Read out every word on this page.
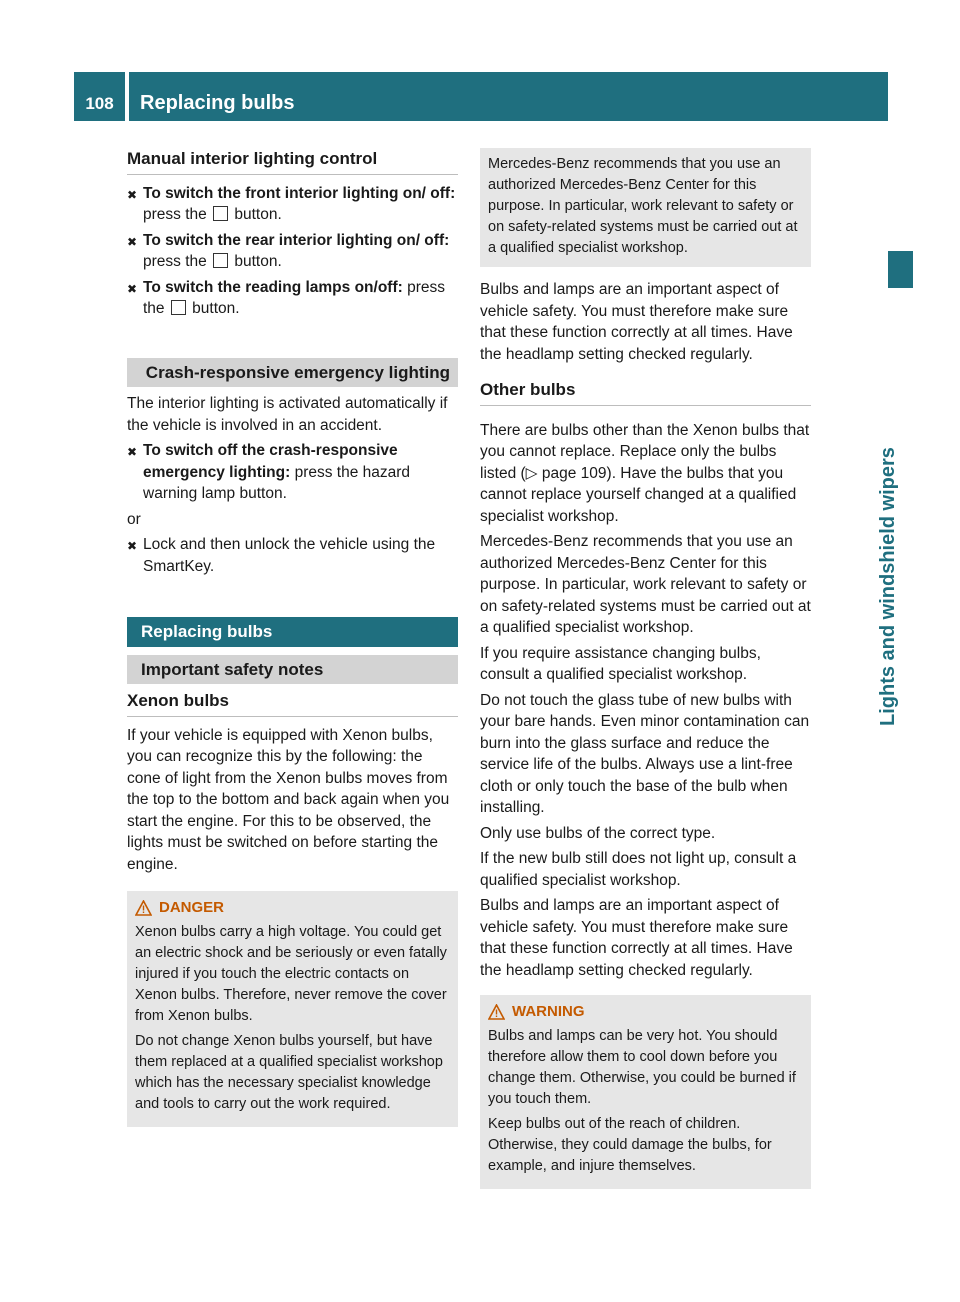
108	Replacing bulbs
Lights and windshield wipers
Manual interior lighting control
✖ To switch the front interior lighting on/ off: press the  button.
✖ To switch the rear interior lighting on/ off: press the  button.
✖ To switch the reading lamps on/off: press the  button.
Crash-responsive emergency lighting

The interior lighting is activated automatically if the vehicle is involved in an accident.

✖ To switch off the crash-responsive emergency lighting: press the hazard warning lamp button.

or

✖ Lock and then unlock the vehicle using the SmartKey.
Replacing bulbs
Important safety notes
Xenon bulbs

If your vehicle is equipped with Xenon bulbs, you can recognize this by the following: the cone of light from the Xenon bulbs moves from the top to the bottom and back again when you start the engine. For this to be observed, the lights must be switched on before starting the engine.

DANGER

Xenon bulbs carry a high voltage. You could get an electric shock and be seriously or even fatally injured if you touch the electric contacts on Xenon bulbs. Therefore, never remove the cover from Xenon bulbs.

Do not change Xenon bulbs yourself, but have them replaced at a qualified specialist workshop which has the necessary specialist knowledge and tools to carry out the work required.

Mercedes-Benz recommends that you use an authorized Mercedes-Benz Center for this purpose. In particular, work relevant to safety or on safety-related systems must be carried out at a qualified specialist workshop.

Bulbs and lamps are an important aspect of vehicle safety. You must therefore make sure that these function correctly at all times. Have the headlamp setting checked regularly.

Other bulbs

There are bulbs other than the Xenon bulbs that you cannot replace. Replace only the bulbs listed (▷ page 109). Have the bulbs that you cannot replace yourself changed at a qualified specialist workshop.

Mercedes-Benz recommends that you use an authorized Mercedes-Benz Center for this purpose. In particular, work relevant to safety or on safety-related systems must be carried out at a qualified specialist workshop.

If you require assistance changing bulbs, consult a qualified specialist workshop.

Do not touch the glass tube of new bulbs with your bare hands. Even minor contamination can burn into the glass surface and reduce the service life of the bulbs. Always use a lint-free cloth or only touch the base of the bulb when installing.

Only use bulbs of the correct type.

If the new bulb still does not light up, consult a qualified specialist workshop.

Bulbs and lamps are an important aspect of vehicle safety. You must therefore make sure that these function correctly at all times. Have the headlamp setting checked regularly.

WARNING

Bulbs and lamps can be very hot. You should therefore allow them to cool down before you change them. Otherwise, you could be burned if you touch them.

Keep bulbs out of the reach of children. Otherwise, they could damage the bulbs, for example, and injure themselves.
